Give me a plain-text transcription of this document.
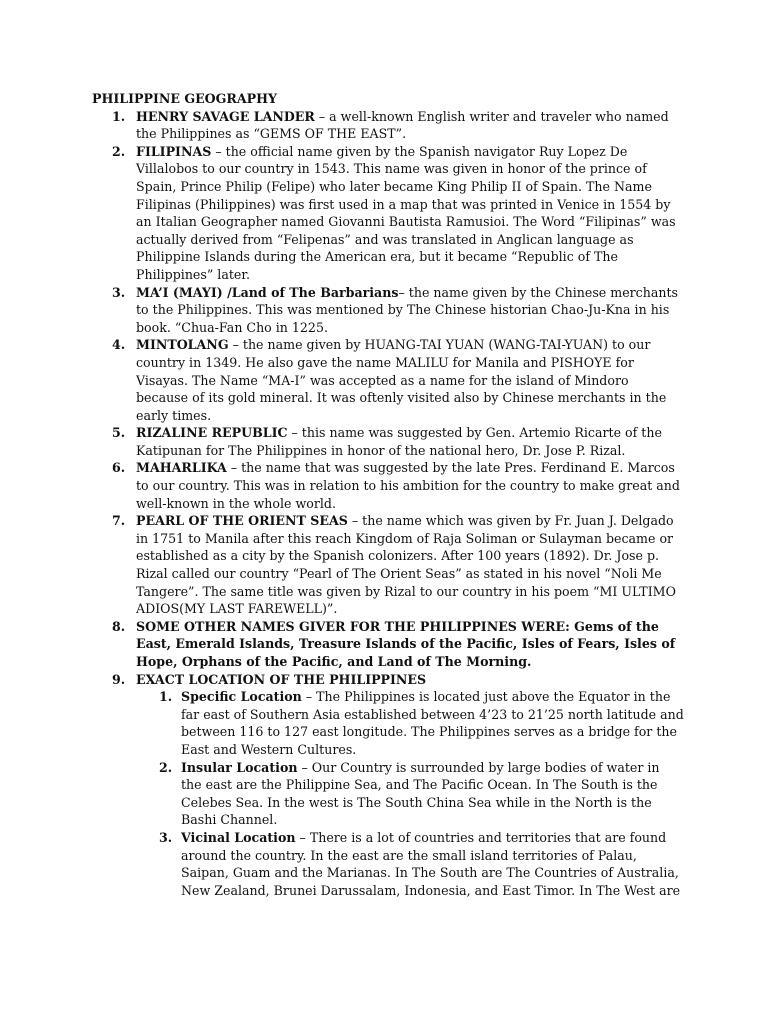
PHILIPPINE GEOGRAPHY

1. HENRY SAVAGE LANDER – a well-known English writer and traveler who named the Philippines as “GEMS OF THE EAST”.
2. FILIPINAS – the official name given by the Spanish navigator Ruy Lopez De Villalobos to our country in 1543. This name was given in honor of the prince of Spain, Prince Philip (Felipe) who later became King Philip II of Spain. The Name Filipinas (Philippines) was first used in a map that was printed in Venice in 1554 by an Italian Geographer named Giovanni Bautista Ramusioi. The Word “Filipinas” was actually derived from “Felipenas” and was translated in Anglican language as Philippine Islands during the American era, but it became “Republic of The Philippines” later.
3. MA’I (MAYI) /Land of The Barbarians– the name given by the Chinese merchants to the Philippines. This was mentioned by The Chinese historian Chao-Ju-Kna in his book. “Chua-Fan Cho in 1225.
4. MINTOLANG – the name given by HUANG-TAI YUAN (WANG-TAI-YUAN) to our country in 1349. He also gave the name MALILU for Manila and PISHOYE for Visayas. The Name “MA-I” was accepted as a name for the island of Mindoro because of its gold mineral. It was oftenly visited also by Chinese merchants in the early times.
5. RIZALINE REPUBLIC – this name was suggested by Gen. Artemio Ricarte of the Katipunan for The Philippines in honor of the national hero, Dr. Jose P. Rizal.
6. MAHARLIKA – the name that was suggested by the late Pres. Ferdinand E. Marcos to our country. This was in relation to his ambition for the country to make great and well-known in the whole world.
7. PEARL OF THE ORIENT SEAS – the name which was given by Fr. Juan J. Delgado in 1751 to Manila after this reach Kingdom of Raja Soliman or Sulayman became or established as a city by the Spanish colonizers. After 100 years (1892). Dr. Jose p. Rizal called our country “Pearl of The Orient Seas” as stated in his novel “Noli Me Tangere”. The same title was given by Rizal to our country in his poem “MI ULTIMO ADIOS(MY LAST FAREWELL)”.
8. SOME OTHER NAMES GIVER FOR THE PHILIPPINES WERE: Gems of the East, Emerald Islands, Treasure Islands of the Pacific, Isles of Fears, Isles of Hope, Orphans of the Pacific, and Land of The Morning.
9. EXACT LOCATION OF THE PHILIPPINES
1. Specific Location – The Philippines is located just above the Equator in the far east of Southern Asia established between 4’23 to 21’25 north latitude and between 116 to 127 east longitude. The Philippines serves as a bridge for the East and Western Cultures.
2. Insular Location – Our Country is surrounded by large bodies of water in the east are the Philippine Sea, and The Pacific Ocean. In The South is the Celebes Sea. In the west is The South China Sea while in the North is the Bashi Channel.
3. Vicinal Location – There is a lot of countries and territories that are found around the country. In the east are the small island territories of Palau, Saipan, Guam and the Marianas. In The South are The Countries of Australia, New Zealand, Brunei Darussalam, Indonesia, and East Timor. In The West are
